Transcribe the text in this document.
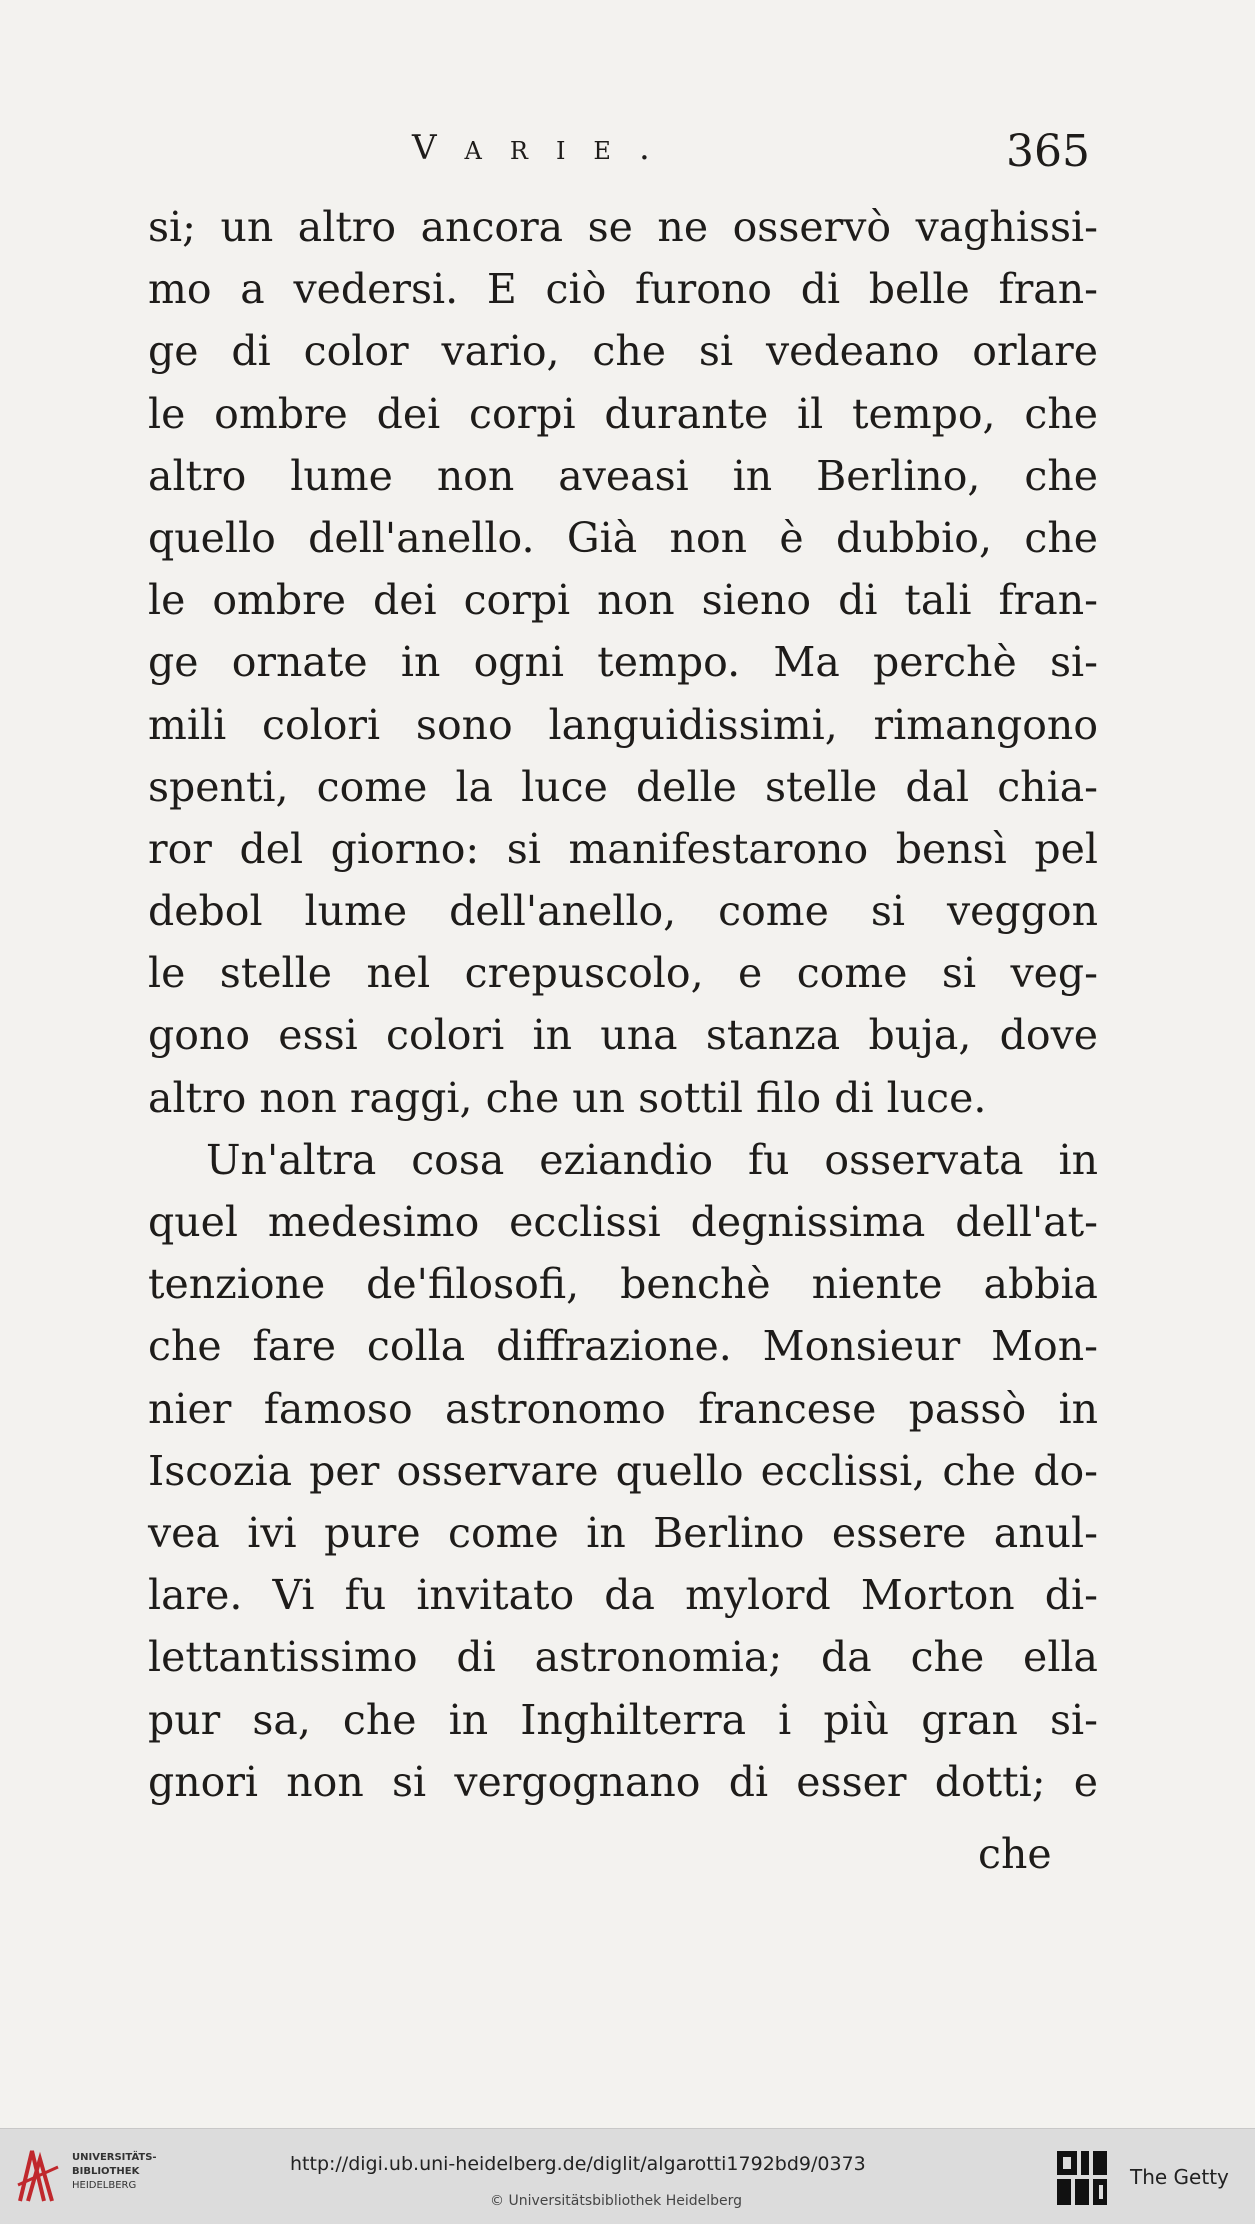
Varie.	365
si; un altro ancora se ne osservò vaghissi-
mo a vedersi. E ciò furono di belle fran-
ge di color vario, che si vedeano orlare
le ombre dei corpi durante il tempo, che
altro lume non aveasi in Berlino, che
quello dell'anello. Già non è dubbio, che
le ombre dei corpi non sieno di tali fran-
ge ornate in ogni tempo. Ma perchè si-
mili colori sono languidissimi, rimangono
spenti, come la luce delle stelle dal chia-
ror del giorno: si manifestarono bensì pel
debol lume dell'anello, come si veggon
le stelle nel crepuscolo, e come si veg-
gono essi colori in una stanza buja, dove
altro non raggi, che un sottil filo di luce.
Un'altra cosa eziandio fu osservata in
quel medesimo ecclissi degnissima dell'at-
tenzione de'filosofi, benchè niente abbia
che fare colla diffrazione. Monsieur Mon-
nier famoso astronomo francese passò in
Iscozia per osservare quello ecclissi, che do-
vea ivi pure come in Berlino essere anul-
lare. Vi fu invitato da mylord Morton di-
lettantissimo di astronomia; da che ella
pur sa, che in Inghilterra i più gran si-
gnori non si vergognano di esser dotti; e
che
UNIVERSITÄTS-
BIBLIOTHEK
HEIDELBERG
http://digi.ub.uni-heidelberg.de/diglit/algarotti1792bd9/0373
© Universitätsbibliothek Heidelberg
The Getty
